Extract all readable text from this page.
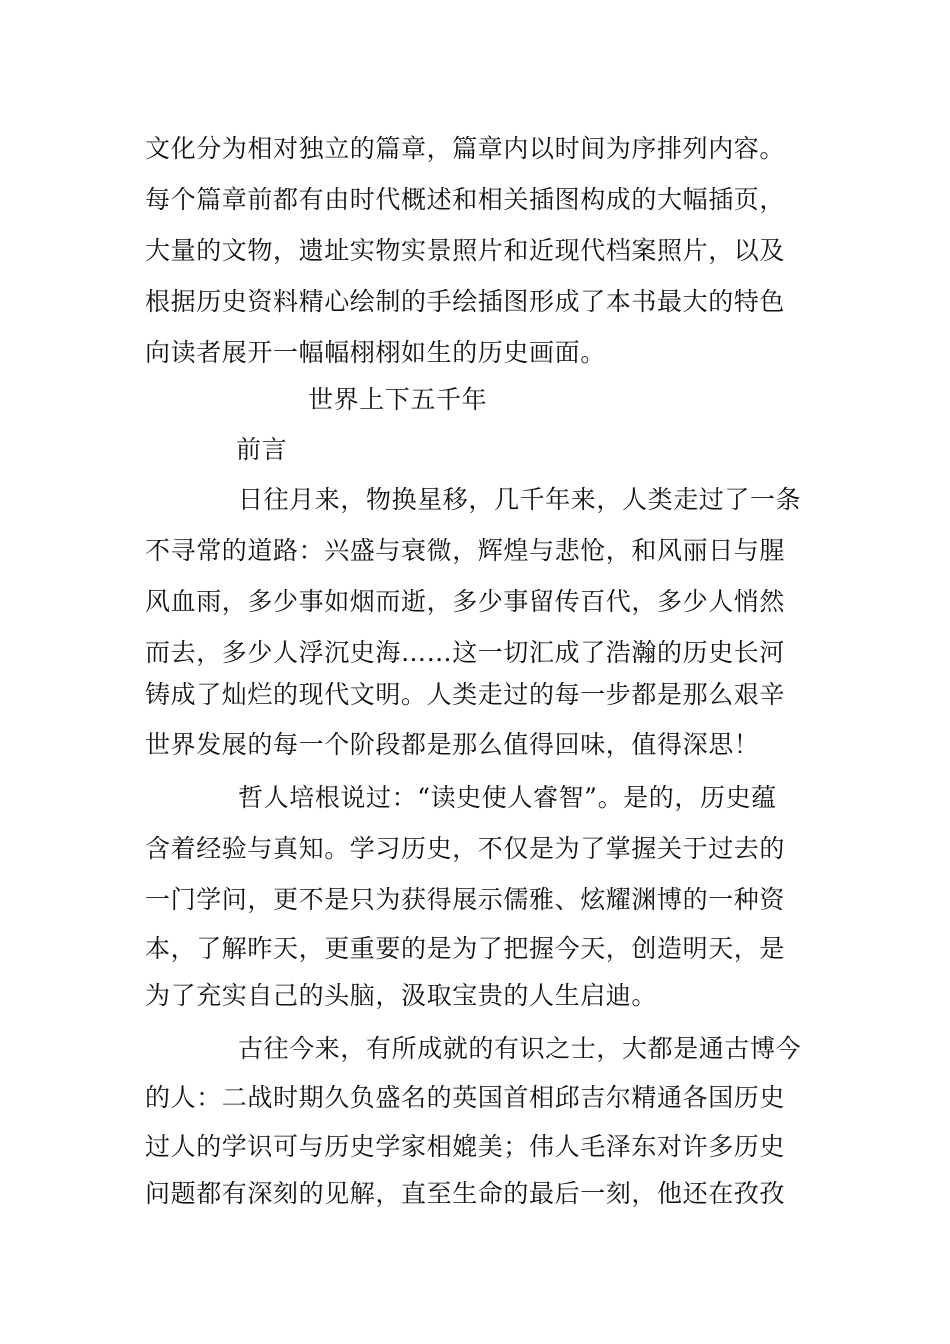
文化分为相对独立的篇章，篇章内以时间为序排列内容。
每个篇章前都有由时代概述和相关插图构成的大幅插页，
大量的文物，遗址实物实景照片和近现代档案照片，以及
根据历史资料精心绘制的手绘插图形成了本书最大的特色
向读者展开一幅幅栩栩如生的历史画面。
世界上下五千年
前言
日往月来，物换星移，几千年来，人类走过了一条
不寻常的道路：兴盛与衰微，辉煌与悲怆，和风丽日与腥
风血雨，多少事如烟而逝，多少事留传百代，多少人悄然
而去，多少人浮沉史海……这一切汇成了浩瀚的历史长河
铸成了灿烂的现代文明。人类走过的每一步都是那么艰辛
世界发展的每一个阶段都是那么值得回味，值得深思！
哲人培根说过：“读史使人睿智”。是的，历史蕴
含着经验与真知。学习历史，不仅是为了掌握关于过去的
一门学问，更不是只为获得展示儒雅、炫耀渊博的一种资
本，了解昨天，更重要的是为了把握今天，创造明天，是
为了充实自己的头脑，汲取宝贵的人生启迪。
古往今来，有所成就的有识之士，大都是通古博今
的人：二战时期久负盛名的英国首相邱吉尔精通各国历史
过人的学识可与历史学家相媲美；伟人毛泽东对许多历史
问题都有深刻的见解，直至生命的最后一刻，他还在孜孜
